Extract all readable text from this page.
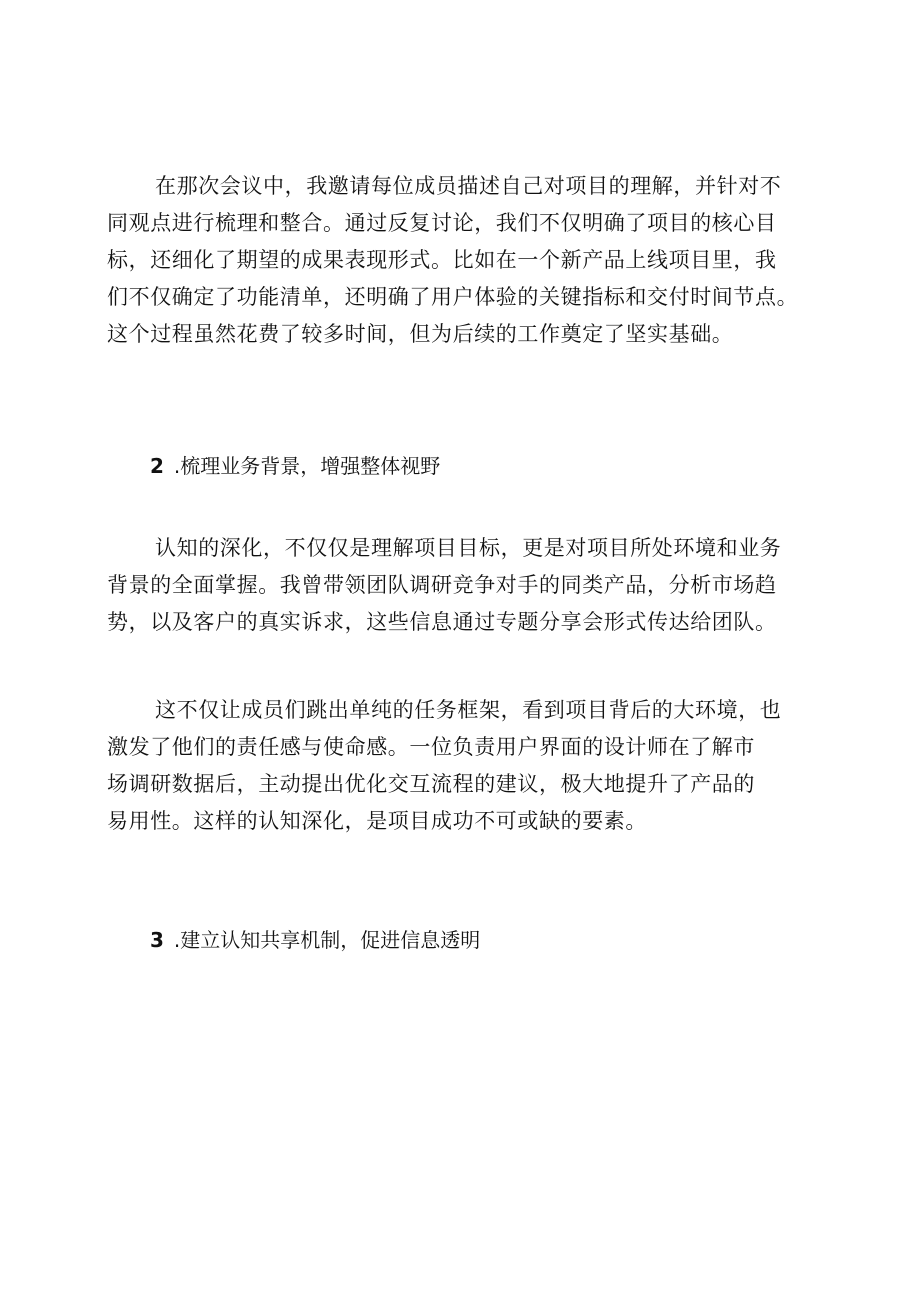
在那次会议中，我邀请每位成员描述自己对项目的理解，并针对不
同观点进行梳理和整合。通过反复讨论，我们不仅明确了项目的核心目
标，还细化了期望的成果表现形式。比如在一个新产品上线项目里，我
们不仅确定了功能清单，还明确了用户体验的关键指标和交付时间节点。
这个过程虽然花费了较多时间，但为后续的工作奠定了坚实基础。
2 .梳理业务背景，增强整体视野
认知的深化，不仅仅是理解项目目标，更是对项目所处环境和业务
背景的全面掌握。我曾带领团队调研竞争对手的同类产品，分析市场趋
势，以及客户的真实诉求，这些信息通过专题分享会形式传达给团队。
这不仅让成员们跳出单纯的任务框架，看到项目背后的大环境，也
激发了他们的责任感与使命感。一位负责用户界面的设计师在了解市
场调研数据后，主动提出优化交互流程的建议，极大地提升了产品的
易用性。这样的认知深化，是项目成功不可或缺的要素。
3 .建立认知共享机制，促进信息透明
